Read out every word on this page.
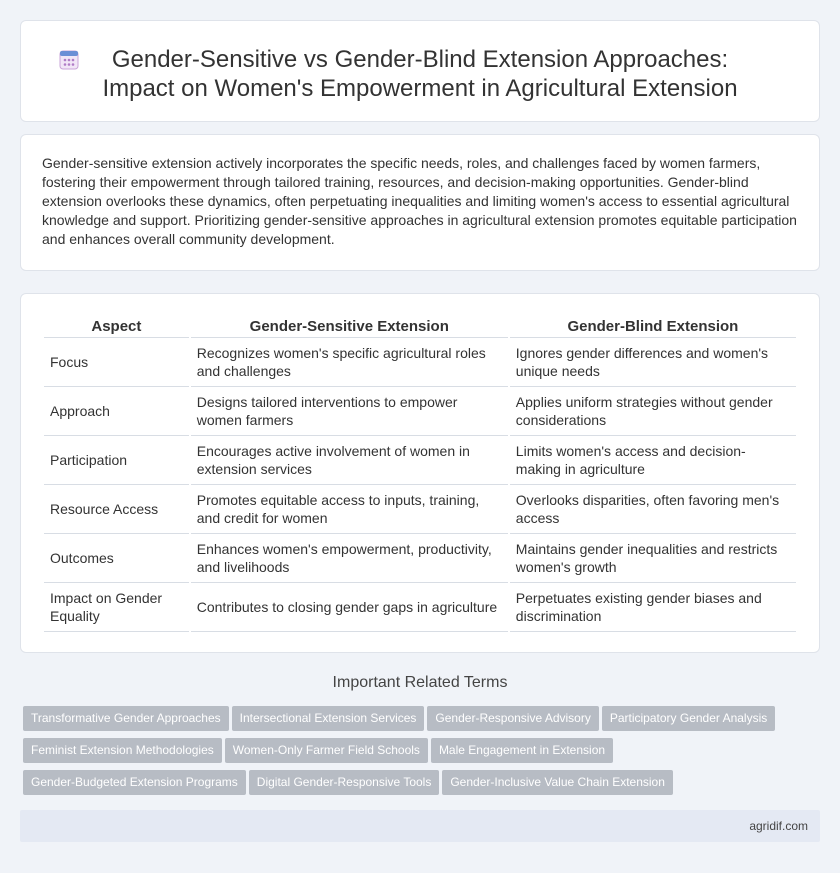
Gender-Sensitive vs Gender-Blind Extension Approaches: Impact on Women's Empowerment in Agricultural Extension

Gender-sensitive extension actively incorporates the specific needs, roles, and challenges faced by women farmers, fostering their empowerment through tailored training, resources, and decision-making opportunities. Gender-blind extension overlooks these dynamics, often perpetuating inequalities and limiting women's access to essential agricultural knowledge and support. Prioritizing gender-sensitive approaches in agricultural extension promotes equitable participation and enhances overall community development.

Aspect	Gender-Sensitive Extension	Gender-Blind Extension
Focus	Recognizes women's specific agricultural roles and challenges	Ignores gender differences and women's unique needs
Approach	Designs tailored interventions to empower women farmers	Applies uniform strategies without gender considerations
Participation	Encourages active involvement of women in extension services	Limits women's access and decision-making in agriculture
Resource Access	Promotes equitable access to inputs, training, and credit for women	Overlooks disparities, often favoring men's access
Outcomes	Enhances women's empowerment, productivity, and livelihoods	Maintains gender inequalities and restricts women's growth
Impact on Gender Equality	Contributes to closing gender gaps in agriculture	Perpetuates existing gender biases and discrimination
Important Related Terms
Transformative Gender Approaches Intersectional Extension Services Gender-Responsive Advisory Participatory Gender Analysis
Feminist Extension Methodologies Women-Only Farmer Field Schools Male Engagement in Extension
Gender-Budgeted Extension Programs Digital Gender-Responsive Tools Gender-Inclusive Value Chain Extension
agridif.com
